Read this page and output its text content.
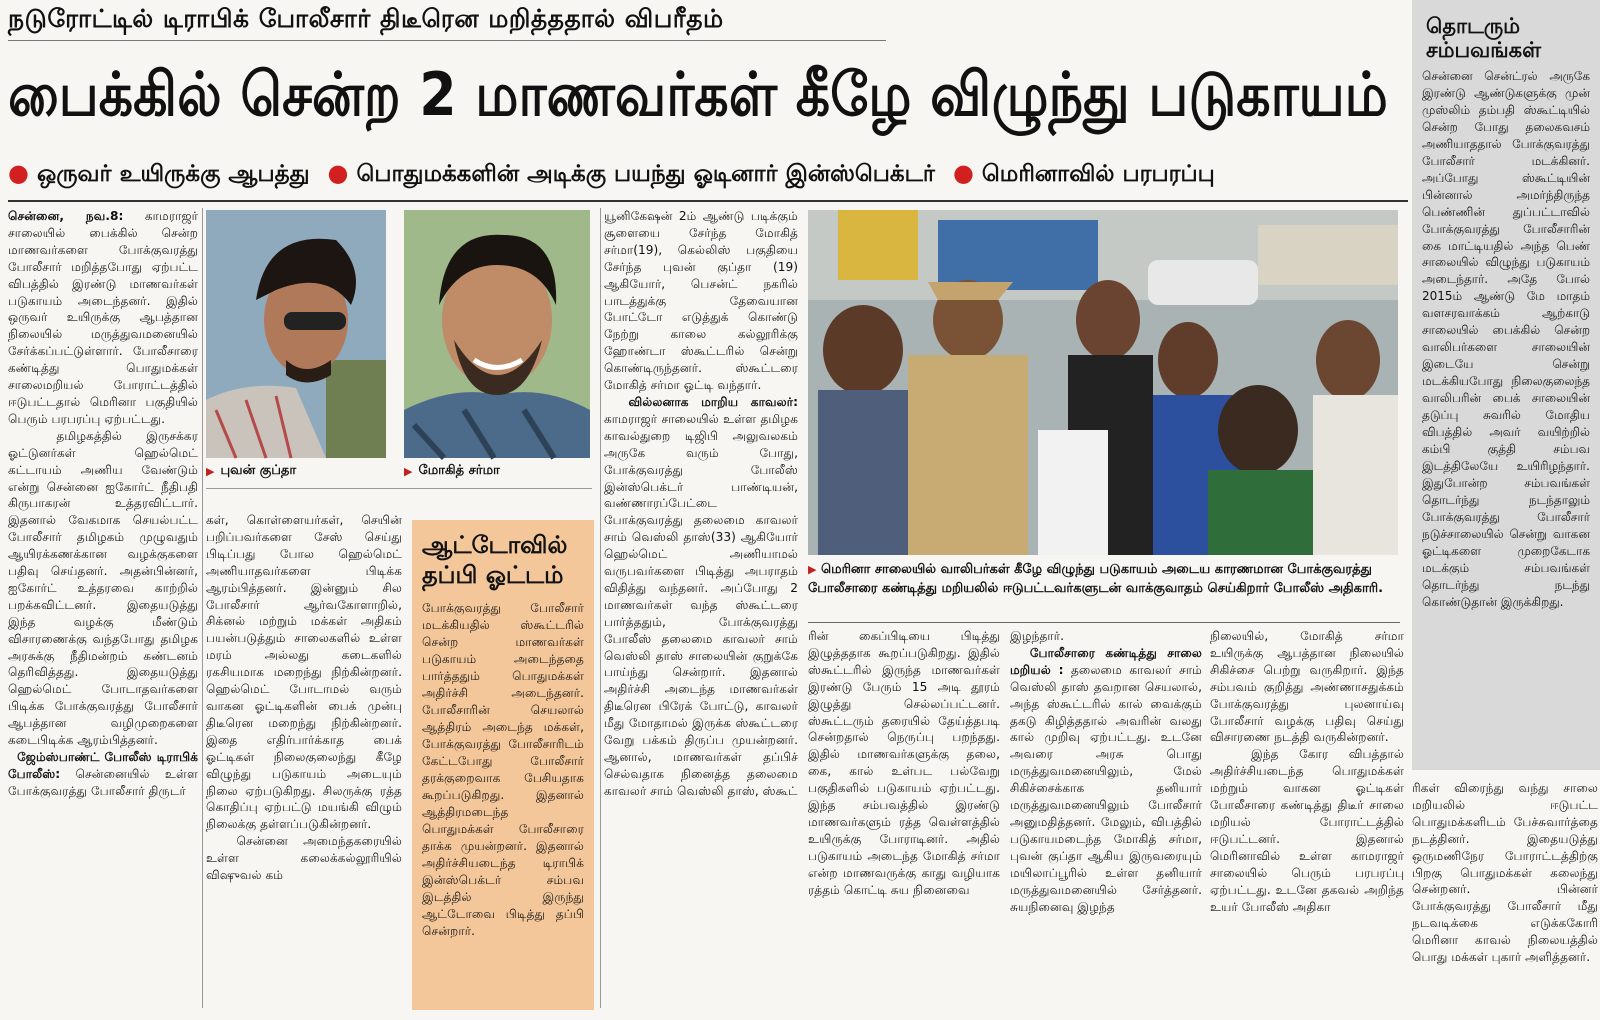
நடுரோட்டில் டிராபிக் போலீசார் திடீரென மறித்ததால் விபரீதம்
பைக்கில் சென்ற 2 மாணவர்கள் கீழே விழுந்து படுகாயம்
● ஒருவர் உயிருக்கு ஆபத்து ● பொதுமக்களின் அடிக்கு பயந்து ஓடினார் இன்ஸ்பெக்டர் ● மெரினாவில் பரபரப்பு
சென்னை, நவ.8: காமராஜர் சாலையில் பைக்கில் சென்ற மாணவர்களை போக்குவரத்து போலீசார் மறித்தபோது ஏற்பட்ட விபத்தில் இரண்டு மாணவர்கள் படுகாயம் அடைந்தனர். இதில் ஒருவர் உயிருக்கு ஆபத்தான நிலையில் மருத்துவமனையில் சேர்க்கப்பட்டுள்ளார். போலீசாரை கண்டித்து பொதுமக்கள் சாலைமறியல் போராட்டத்தில் ஈடுபட்டதால் மெரினா பகுதியில் பெரும் பரபரப்பு ஏற்பட்டது.
தமிழகத்தில் இருசக்கர ஓட்டுனர்கள் ஹெல்மெட் கட்டாயம் அணிய வேண்டும் என்று சென்னை ஐகோர்ட் நீதிபதி கிருபாகரன் உத்தரவிட்டார். இதனால் வேகமாக செயல்பட்ட போலீசார் தமிழகம் முழுவதும் ஆயிரக்கணக்கான வழக்குகளை பதிவு செய்தனர். அதன்பின்னர், ஐகோர்ட் உத்தரவை காற்றில் பறக்கவிட்டனர். இதையடுத்து இந்த வழக்கு மீண்டும் விசாரணைக்கு வந்தபோது தமிழக அரசுக்கு நீதிமன்றம் கண்டனம் தெரிவித்தது. இதையடுத்து ஹெல்மெட் போடாதவர்களை பிடிக்க போக்குவரத்து போலீசார் ஆபத்தான வழிமுறைகளை கடைபிடிக்க ஆரம்பித்தனர்.
ஜேம்ஸ்பாண்ட் போலீஸ் டிராபிக் போலீஸ்: சென்னையில் உள்ள போக்குவரத்து போலீசார் திருடர்
▶ புவன் குப்தா	▶ மோகித் சர்மா
கள், கொள்ளையர்கள், செயின் பறிப்பவர்களை சேஸ் செய்து பிடிப்பது போல ஹெல்மெட் அணியாதவர்களை பிடிக்க ஆரம்பித்தனர். இன்னும் சில போலீசார் ஆர்வகோளாறில், சிக்னல் மற்றும் மக்கள் அதிகம் பயன்படுத்தும் சாலைகளில் உள்ள மரம் அல்லது கடைகளில் ரகசியமாக மறைந்து நிற்கின்றனர். ஹெல்மெட் போடாமல் வரும் வாகன ஓட்டிகளின் பைக் முன்பு திடீரென மறைந்து நிற்கின்றனர். இதை எதிர்பார்க்காத பைக் ஓட்டிகள் நிலைகுலைந்து கீழே விழுந்து படுகாயம் அடையும் நிலை ஏற்படுகிறது. சிலருக்கு ரத்த கொதிப்பு ஏற்பட்டு மயங்கி விழும் நிலைக்கு தள்ளப்படுகின்றனர்.
சென்னை அமைந்தகரையில் உள்ள கலைக்கல்லூரியில் விஷுவல் கம்
ஆட்டோவில் தப்பி ஓட்டம்
போக்குவரத்து போலீசார் மடக்கியதில் ஸ்கூட்டரில் சென்ற மாணவர்கள் படுகாயம் அடைந்ததை பார்த்ததும் பொதுமக்கள் அதிர்ச்சி அடைந்தனர். போலீசாரின் செயலால் ஆத்திரம் அடைந்த மக்கள், போக்குவரத்து போலீசாரிடம் கேட்டபோது போலீசார் தரக்குறைவாக பேசியதாக கூறப்படுகிறது. இதனால் ஆத்திரமடைந்த பொதுமக்கள் போலீசாரை தாக்க முயன்றனர். இதனால் அதிர்ச்சியடைந்த டிராபிக் இன்ஸ்பெக்டர் சம்பவ இடத்தில் இருந்து ஆட்டோவை பிடித்து தப்பி சென்றார்.
யூனிகேஷன் 2ம் ஆண்டு படிக்கும் சூளையை சேர்ந்த மோகித் சர்மா(19), கெல்லிஸ் பகுதியை சேர்ந்த புவன் குப்தா (19) ஆகியோர், பெசன்ட் நகரில் பாடத்துக்கு தேவையான போட்டோ எடுத்துக் கொண்டு நேற்று காலை கல்லூரிக்கு ஹோண்டா ஸ்கூட்டரில் சென்று கொண்டிருந்தனர். ஸ்கூட்டரை மோகித் சர்மா ஓட்டி வந்தார்.
வில்லனாக மாறிய காவலர்: காமராஜர் சாலையில் உள்ள தமிழக காவல்துறை டிஜிபி அலுவலகம் அருகே வரும் போது, போக்குவரத்து போலீஸ் இன்ஸ்பெக்டர் பாண்டியன், வண்ணாரப்பேட்டை போக்குவரத்து தலைமை காவலர் சாம் வெஸ்லி தாஸ்(33) ஆகியோர் ஹெல்மெட் அணியாமல் வருபவர்களை பிடித்து அபராதம் விதித்து வந்தனர். அப்போது 2 மாணவர்கள் வந்த ஸ்கூட்டரை பார்த்ததும், போக்குவரத்து போலீஸ் தலைமை காவலர் சாம் வெஸ்லி தாஸ் சாலையின் குறுக்கே பாய்ந்து சென்றார். இதனால் அதிர்ச்சி அடைந்த மாணவர்கள் திடீரென பிரேக் போட்டு, காவலர் மீது மோதாமல் இருக்க ஸ்கூட்டரை வேறு பக்கம் திருப்ப முயன்றனர். ஆனால், மாணவர்கள் தப்பிச் செல்வதாக நினைத்த தலைமை காவலர் சாம் வெஸ்லி தாஸ், ஸ்கூட்
▶ மெரினா சாலையில் வாலிபர்கள் கீழே விழுந்து படுகாயம் அடைய காரணமான போக்குவரத்து போலீசாரை கண்டித்து மறியலில் ஈடுபட்டவர்களுடன் வாக்குவாதம் செய்கிறார் போலீஸ் அதிகாரி.
ரின் கைப்பிடியை பிடித்து இழுத்ததாக கூறப்படுகிறது. இதில் ஸ்கூட்டரில் இருந்த மாணவர்கள் இரண்டு பேரும் 15 அடி தூரம் இழுத்து செல்லப்பட்டனர். ஸ்கூட்டரும் தரையில் தேய்த்தபடி சென்றதால் நெருப்பு பறந்தது. இதில் மாணவர்களுக்கு தலை, கை, கால் உள்பட பல்வேறு பகுதிகளில் படுகாயம் ஏற்பட்டது. இந்த சம்பவத்தில் இரண்டு மாணவர்களும் ரத்த வெள்ளத்தில் உயிருக்கு போராடினர். அதில் படுகாயம் அடைந்த மோகித் சர்மா என்ற மாணவருக்கு காது வழியாக ரத்தம் கொட்டி சுய நினைவை
இழந்தார்.
போலீசாரை கண்டித்து சாலை மறியல் : தலைமை காவலர் சாம் வெஸ்லி தாஸ் தவறான செயலால், அந்த ஸ்கூட்டரில் கால் வைக்கும் தகடு கிழித்ததால் அவரின் வலது கால் முறிவு ஏற்பட்டது. உடனே அவரை அரசு பொது மருத்துவமனையிலும், மேல் சிகிச்சைக்காக தனியார் மருத்துவமனையிலும் போலீசார் அனுமதித்தனர். மேலும், விபத்தில் படுகாயமடைந்த மோகித் சர்மா, புவன் குப்தா ஆகிய இருவரையும் மயிலாப்பூரில் உள்ள தனியார் மருத்துவமனையில் சேர்த்தனர். சுயநினைவு இழந்த
நிலையில், மோகித் சர்மா உயிருக்கு ஆபத்தான நிலையில் சிகிச்சை பெற்று வருகிறார். இந்த சம்பவம் குறித்து அண்ணாசதுக்கம் போக்குவரத்து புலனாய்வு போலீசார் வழக்கு பதிவு செய்து விசாரணை நடத்தி வருகின்றனர்.
இந்த கோர விபத்தால் அதிர்ச்சியடைந்த பொதுமக்கள் மற்றும் வாகன ஓட்டிகள் போலீசாரை கண்டித்து திடீர் சாலை மறியல் போராட்டத்தில் ஈடுபட்டனர். இதனால் மெரினாவில் உள்ள காமராஜர் சாலையில் பெரும் பரபரப்பு ஏற்பட்டது. உடனே தகவல் அறிந்த உயர் போலீஸ் அதிகா
தொடரும் சம்பவங்கள்
சென்னை சென்ட்ரல் அருகே இரண்டு ஆண்டுகளுக்கு முன் முஸ்லிம் தம்பதி ஸ்கூட்டியில் சென்ற போது தலைகவசம் அணியாததால் போக்குவரத்து போலீசார் மடக்கினர். அப்போது ஸ்கூட்டியின் பின்னால் அமர்ந்திருந்த பெண்ணின் துப்பட்டாவில் போக்குவரத்து போலீசாரின் கை மாட்டியதில் அந்த பெண் சாலையில் விழுந்து படுகாயம் அடைந்தார். அதே போல் 2015ம் ஆண்டு மே மாதம் வளசரவாக்கம் ஆற்காடு சாலையில் பைக்கில் சென்ற வாலிபர்களை சாலையின் இடையே சென்று மடக்கியபோது நிலைகுலைந்த வாலிபரின் பைக் சாலையின் தடுப்பு சுவரில் மோதிய விபத்தில் அவர் வயிற்றில் கம்பி குத்தி சம்பவ இடத்திலேயே உயிரிழந்தார். இதுபோன்ற சம்பவங்கள் தொடர்ந்து நடந்தாலும் போக்குவரத்து போலீசார் நடுச்சாலையில் சென்று வாகன ஓட்டிகளை முறைகேடாக மடக்கும் சம்பவங்கள் தொடர்ந்து நடந்து கொண்டுதான் இருக்கிறது.
ரிகள் விரைந்து வந்து சாலை மறியலில் ஈடுபட்ட பொதுமக்களிடம் பேச்சுவார்த்தை நடத்தினர். இதையடுத்து ஒருமணிநேர போராட்டத்திற்கு பிறகு பொதுமக்கள் கலைந்து சென்றனர். பின்னர் போக்குவரத்து போலீசார் மீது நடவடிக்கை எடுக்ககோரி மெரினா காவல் நிலையத்தில் பொது மக்கள் புகார் அளித்தனர்.
